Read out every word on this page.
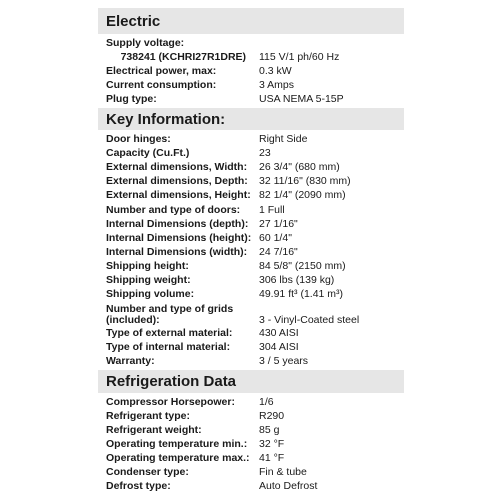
Electric
Supply voltage:
738241 (KCHRI27R1DRE)	115 V/1 ph/60 Hz
Electrical power, max:	0.3 kW
Current consumption:	3 Amps
Plug type:	USA NEMA 5-15P
Key Information:
Door hinges:	Right Side
Capacity (Cu.Ft.)	23
External dimensions, Width:	26 3/4" (680 mm)
External dimensions, Depth:	32 11/16" (830 mm)
External dimensions, Height: 82 1/4" (2090 mm)
Number and type of doors:	1 Full
Internal Dimensions (depth):	27 1/16"
Internal Dimensions (height): 60 1/4"
Internal Dimensions (width):	24 7/16"
Shipping height:	84 5/8" (2150 mm)
Shipping weight:	306 lbs (139 kg)
Shipping volume:	49.91 ft³ (1.41 m³)
Number and type of grids
(included):	3 - Vinyl-Coated steel
Type of external material:	430 AISI
Type of internal material:	304 AISI
Warranty:	3 / 5 years
Refrigeration Data
Compressor Horsepower:	1/6
Refrigerant type:	R290
Refrigerant weight:	85 g
Operating temperature min.:	32 °F
Operating temperature max.: 41 °F
Condenser type:	Fin & tube
Defrost type:	Auto Defrost
